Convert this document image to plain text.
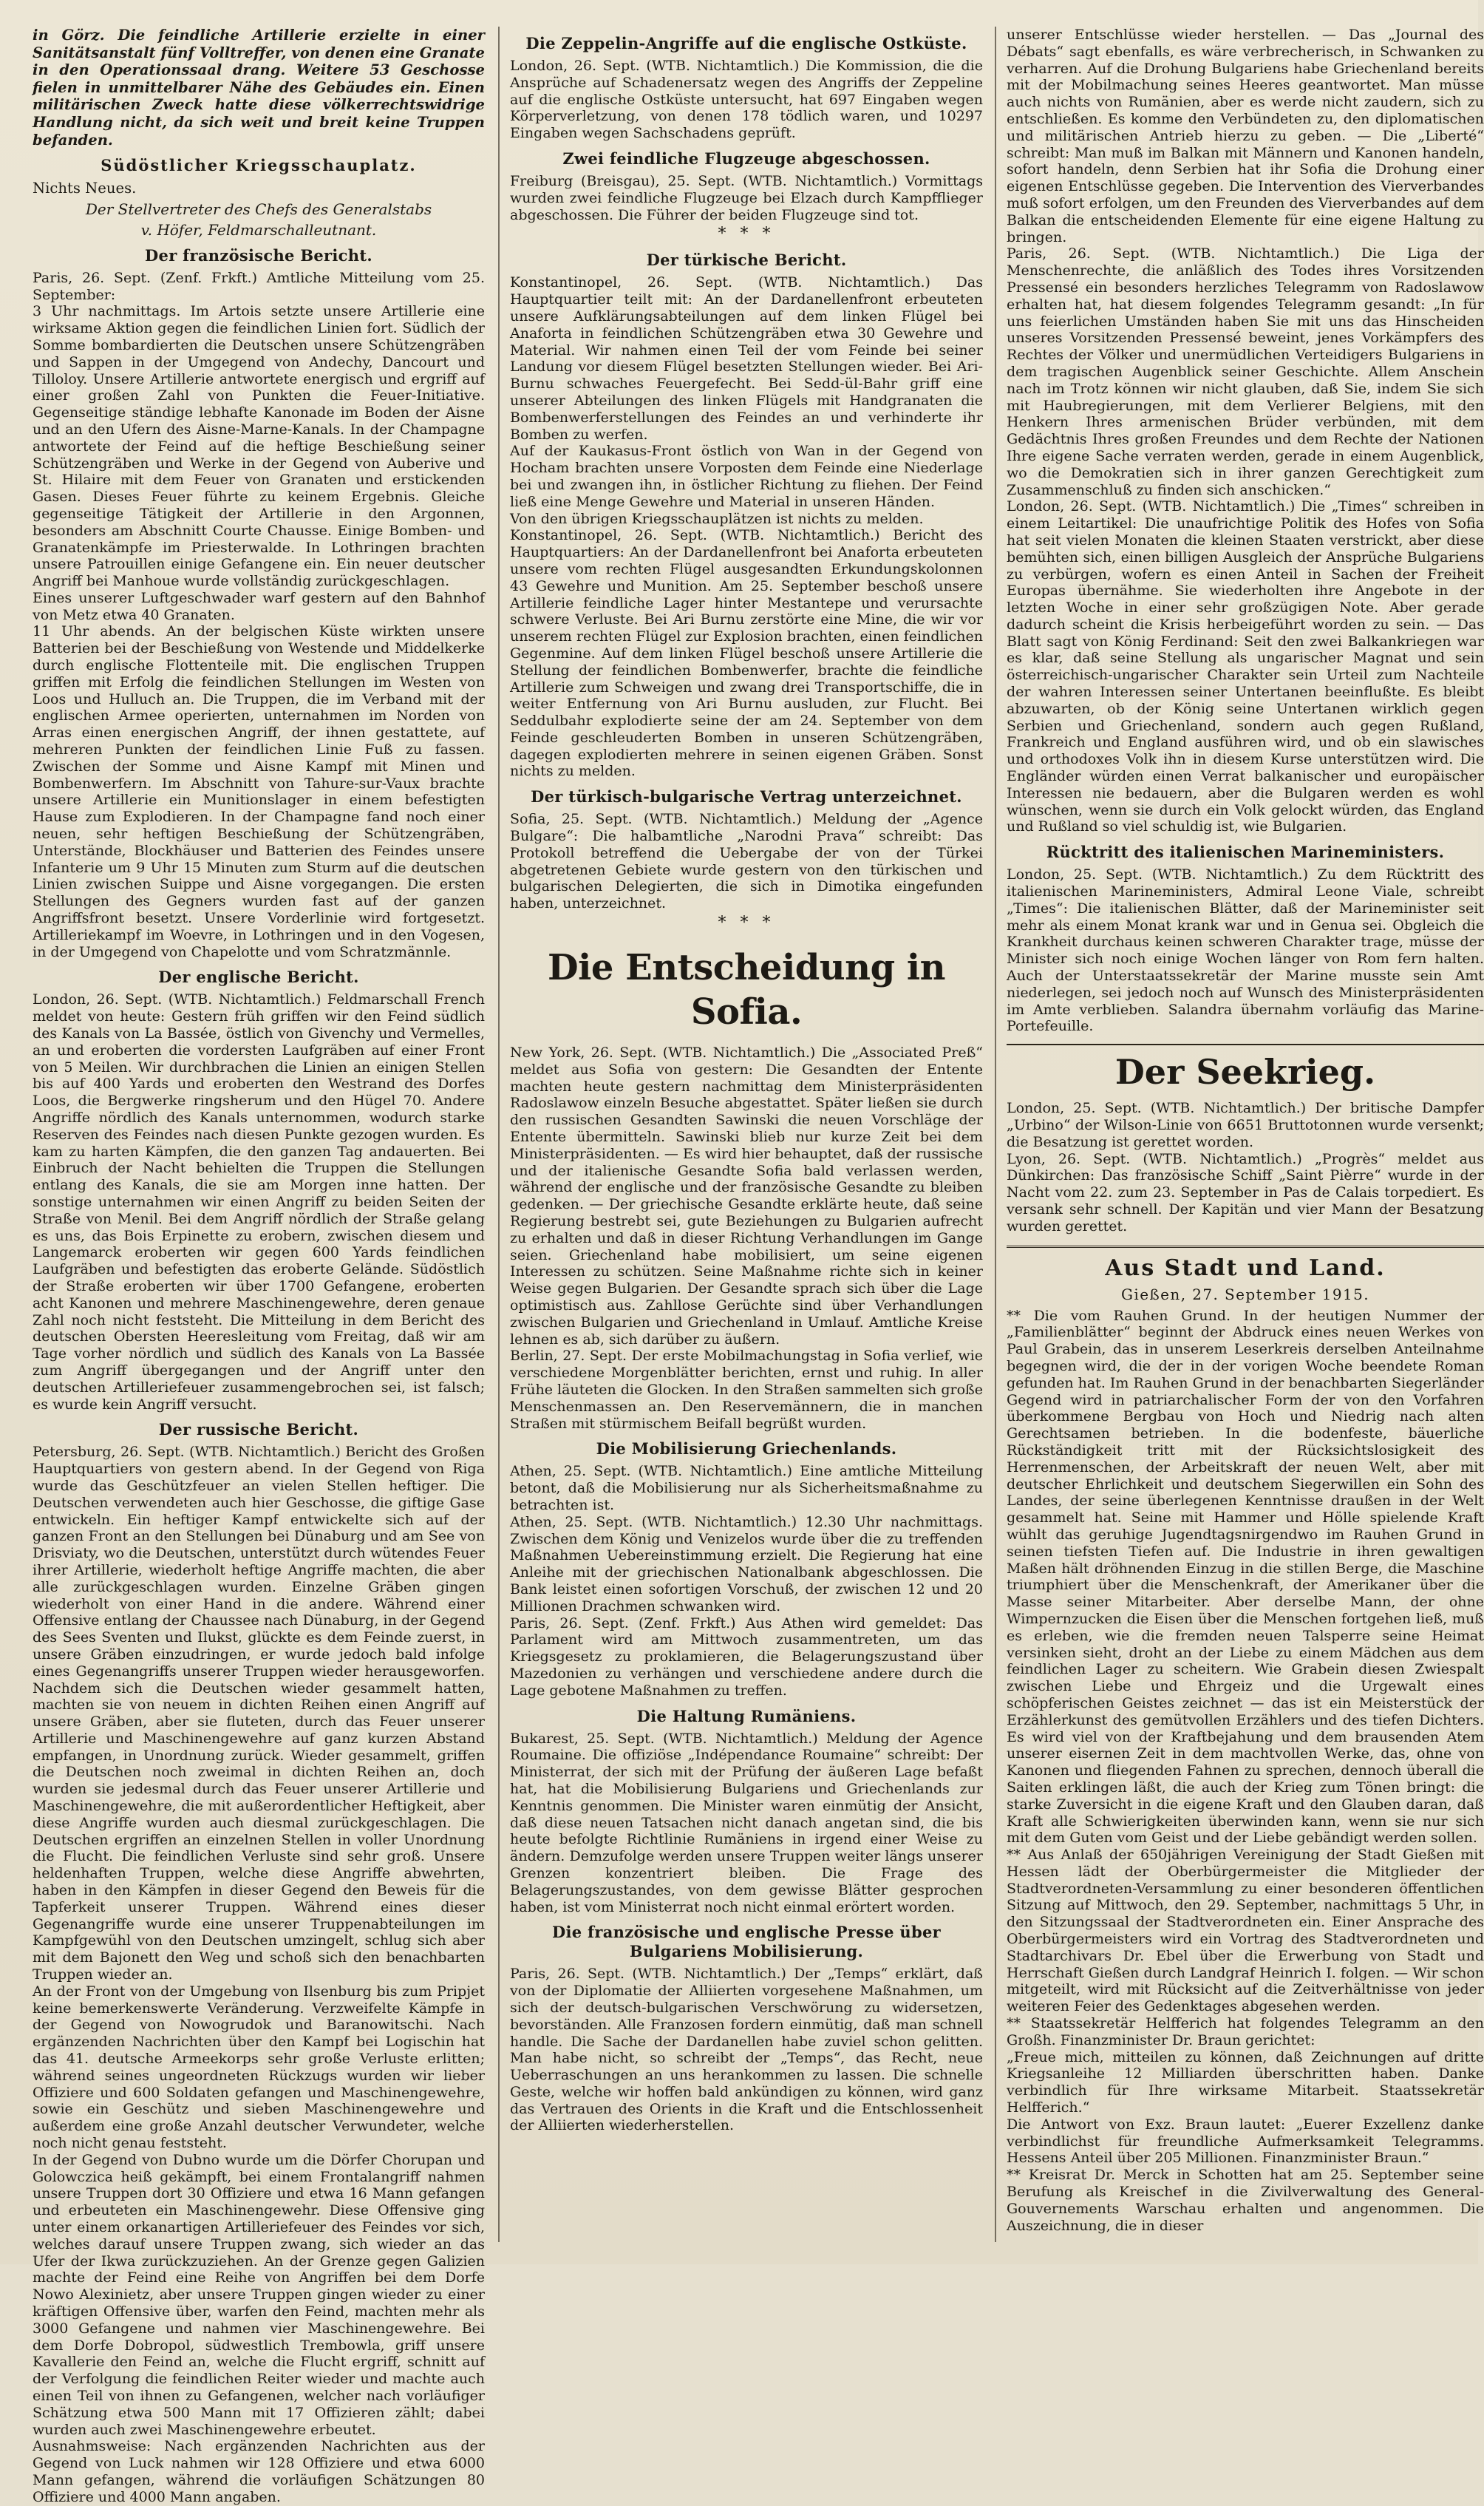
in Görz. Die feindliche Artillerie erzielte in einer Sanitätsanstalt fünf Volltreffer, von denen eine Granate in den Operationssaal drang. Weitere 53 Geschosse fielen in unmittelbarer Nähe des Gebäudes ein. Einen militärischen Zweck hatte diese völkerrechtswidrige Handlung nicht, da sich weit und breit keine Truppen befanden.

Südöstlicher Kriegsschauplatz.

Nichts Neues.

Der Stellvertreter des Chefs des Generalstabs

v. Höfer, Feldmarschalleutnant.

Der französische Bericht.

Paris, 26. Sept. (Zenf. Frkft.) Amtliche Mitteilung vom 25. September:

3 Uhr nachmittags. Im Artois setzte unsere Artillerie eine wirksame Aktion gegen die feindlichen Linien fort. Südlich der Somme bombardierten die Deutschen unsere Schützengräben und Sappen in der Umgegend von Andechy, Dancourt und Tilloloy. Unsere Artillerie antwortete energisch und ergriff auf einer großen Zahl von Punkten die Feuer-Initiative. Gegenseitige ständige lebhafte Kanonade im Boden der Aisne und an den Ufern des Aisne-Marne-Kanals. In der Champagne antwortete der Feind auf die heftige Beschießung seiner Schützengräben und Werke in der Gegend von Auberive und St. Hilaire mit dem Feuer von Granaten und erstickenden Gasen. Dieses Feuer führte zu keinem Ergebnis. Gleiche gegenseitige Tätigkeit der Artillerie in den Argonnen, besonders am Abschnitt Courte Chausse. Einige Bomben- und Granatenkämpfe im Priesterwalde. In Lothringen brachten unsere Patrouillen einige Gefangene ein. Ein neuer deutscher Angriff bei Manhoue wurde vollständig zurückgeschlagen.

Eines unserer Luftgeschwader warf gestern auf den Bahnhof von Metz etwa 40 Granaten.

11 Uhr abends. An der belgischen Küste wirkten unsere Batterien bei der Beschießung von Westende und Middelkerke durch englische Flottenteile mit. Die englischen Truppen griffen mit Erfolg die feindlichen Stellungen im Westen von Loos und Hulluch an. Die Truppen, die im Verband mit der englischen Armee operierten, unternahmen im Norden von Arras einen energischen Angriff, der ihnen gestattete, auf mehreren Punkten der feindlichen Linie Fuß zu fassen. Zwischen der Somme und Aisne Kampf mit Minen und Bombenwerfern. Im Abschnitt von Tahure-sur-Vaux brachte unsere Artillerie ein Munitionslager in einem befestigten Hause zum Explodieren. In der Champagne fand noch einer neuen, sehr heftigen Beschießung der Schützengräben, Unterstände, Blockhäuser und Batterien des Feindes unsere Infanterie um 9 Uhr 15 Minuten zum Sturm auf die deutschen Linien zwischen Suippe und Aisne vorgegangen. Die ersten Stellungen des Gegners wurden fast auf der ganzen Angriffsfront besetzt. Unsere Vorderlinie wird fortgesetzt. Artilleriekampf im Woevre, in Lothringen und in den Vogesen, in der Umgegend von Chapelotte und vom Schratzmännle.

Der englische Bericht.

London, 26. Sept. (WTB. Nichtamtlich.) Feldmarschall French meldet von heute: Gestern früh griffen wir den Feind südlich des Kanals von La Bassée, östlich von Givenchy und Vermelles, an und eroberten die vordersten Laufgräben auf einer Front von 5 Meilen. Wir durchbrachen die Linien an einigen Stellen bis auf 400 Yards und eroberten den Westrand des Dorfes Loos, die Bergwerke ringsherum und den Hügel 70. Andere Angriffe nördlich des Kanals unternommen, wodurch starke Reserven des Feindes nach diesen Punkte gezogen wurden. Es kam zu harten Kämpfen, die den ganzen Tag andauerten. Bei Einbruch der Nacht behielten die Truppen die Stellungen entlang des Kanals, die sie am Morgen inne hatten. Der sonstige unternahmen wir einen Angriff zu beiden Seiten der Straße von Menil. Bei dem Angriff nördlich der Straße gelang es uns, das Bois Erpinette zu erobern, zwischen diesem und Langemarck eroberten wir gegen 600 Yards feindlichen Laufgräben und befestigten das eroberte Gelände. Südöstlich der Straße eroberten wir über 1700 Gefangene, eroberten acht Kanonen und mehrere Maschinengewehre, deren genaue Zahl noch nicht feststeht. Die Mitteilung in dem Bericht des deutschen Obersten Heeresleitung vom Freitag, daß wir am Tage vorher nördlich und südlich des Kanals von La Bassée zum Angriff übergegangen und der Angriff unter den deutschen Artilleriefeuer zusammengebrochen sei, ist falsch; es wurde kein Angriff versucht.

Der russische Bericht.

Petersburg, 26. Sept. (WTB. Nichtamtlich.) Bericht des Großen Hauptquartiers von gestern abend. In der Gegend von Riga wurde das Geschützfeuer an vielen Stellen heftiger. Die Deutschen verwendeten auch hier Geschosse, die giftige Gase entwickeln. Ein heftiger Kampf entwickelte sich auf der ganzen Front an den Stellungen bei Dünaburg und am See von Drisviaty, wo die Deutschen, unterstützt durch wütendes Feuer ihrer Artillerie, wiederholt heftige Angriffe machten, die aber alle zurückgeschlagen wurden. Einzelne Gräben gingen wiederholt von einer Hand in die andere. Während einer Offensive entlang der Chaussee nach Dünaburg, in der Gegend des Sees Sventen und Ilukst, glückte es dem Feinde zuerst, in unsere Gräben einzudringen, er wurde jedoch bald infolge eines Gegenangriffs unserer Truppen wieder herausgeworfen. Nachdem sich die Deutschen wieder gesammelt hatten, machten sie von neuem in dichten Reihen einen Angriff auf unsere Gräben, aber sie fluteten, durch das Feuer unserer Artillerie und Maschinengewehre auf ganz kurzen Abstand empfangen, in Unordnung zurück. Wieder gesammelt, griffen die Deutschen noch zweimal in dichten Reihen an, doch wurden sie jedesmal durch das Feuer unserer Artillerie und Maschinengewehre, die mit außerordentlicher Heftigkeit, aber diese Angriffe wurden auch diesmal zurückgeschlagen. Die Deutschen ergriffen an einzelnen Stellen in voller Unordnung die Flucht. Die feindlichen Verluste sind sehr groß. Unsere heldenhaften Truppen, welche diese Angriffe abwehrten, haben in den Kämpfen in dieser Gegend den Beweis für die Tapferkeit unserer Truppen. Während eines dieser Gegenangriffe wurde eine unserer Truppenabteilungen im Kampfgewühl von den Deutschen umzingelt, schlug sich aber mit dem Bajonett den Weg und schoß sich den benachbarten Truppen wieder an.

An der Front von der Umgebung von Ilsenburg bis zum Pripjet keine bemerkenswerte Veränderung. Verzweifelte Kämpfe in der Gegend von Nowogrudok und Baranowitschi. Nach ergänzenden Nachrichten über den Kampf bei Logischin hat das 41. deutsche Armeekorps sehr große Verluste erlitten; während seines ungeordneten Rückzugs wurden wir lieber Offiziere und 600 Soldaten gefangen und Maschinengewehre, sowie ein Geschütz und sieben Maschinengewehre und außerdem eine große Anzahl deutscher Verwundeter, welche noch nicht genau feststeht.

In der Gegend von Dubno wurde um die Dörfer Chorupan und Golowczica heiß gekämpft, bei einem Frontalangriff nahmen unsere Truppen dort 30 Offiziere und etwa 16 Mann gefangen und erbeuteten ein Maschinengewehr. Diese Offensive ging unter einem orkanartigen Artilleriefeuer des Feindes vor sich, welches darauf unsere Truppen zwang, sich wieder an das Ufer der Ikwa zurückzuziehen. An der Grenze gegen Galizien machte der Feind eine Reihe von Angriffen bei dem Dorfe Nowo Alexinietz, aber unsere Truppen gingen wieder zu einer kräftigen Offensive über, warfen den Feind, machten mehr als 3000 Gefangene und nahmen vier Maschinengewehre. Bei dem Dorfe Dobropol, südwestlich Trembowla, griff unsere Kavallerie den Feind an, welche die Flucht ergriff, schnitt auf der Verfolgung die feindlichen Reiter wieder und machte auch einen Teil von ihnen zu Gefangenen, welcher nach vorläufiger Schätzung etwa 500 Mann mit 17 Offizieren zählt; dabei wurden auch zwei Maschinengewehre erbeutet.

Ausnahmsweise: Nach ergänzenden Nachrichten aus der Gegend von Luck nahmen wir 128 Offiziere und etwa 6000 Mann gefangen, während die vorläufigen Schätzungen 80 Offiziere und 4000 Mann angaben.

Die Zeppelin-Angriffe auf die englische Ostküste.

London, 26. Sept. (WTB. Nichtamtlich.) Die Kommission, die die Ansprüche auf Schadenersatz wegen des Angriffs der Zeppeline auf die englische Ostküste untersucht, hat 697 Eingaben wegen Körperverletzung, von denen 178 tödlich waren, und 10297 Eingaben wegen Sachschadens geprüft.

Zwei feindliche Flugzeuge abgeschossen.

Freiburg (Breisgau), 25. Sept. (WTB. Nichtamtlich.) Vormittags wurden zwei feindliche Flugzeuge bei Elzach durch Kampfflieger abgeschossen. Die Führer der beiden Flugzeuge sind tot.

* * *
Der türkische Bericht.

Konstantinopel, 26. Sept. (WTB. Nichtamtlich.) Das Hauptquartier teilt mit: An der Dardanellenfront erbeuteten unsere Aufklärungsabteilungen auf dem linken Flügel bei Anaforta in feindlichen Schützengräben etwa 30 Gewehre und Material. Wir nahmen einen Teil der vom Feinde bei seiner Landung vor diesem Flügel besetzten Stellungen wieder. Bei Ari-Burnu schwaches Feuergefecht. Bei Sedd-ül-Bahr griff eine unserer Abteilungen des linken Flügels mit Handgranaten die Bombenwerferstellungen des Feindes an und verhinderte ihr Bomben zu werfen.

Auf der Kaukasus-Front östlich von Wan in der Gegend von Hocham brachten unsere Vorposten dem Feinde eine Niederlage bei und zwangen ihn, in östlicher Richtung zu fliehen. Der Feind ließ eine Menge Gewehre und Material in unseren Händen.

Von den übrigen Kriegsschauplätzen ist nichts zu melden.

Konstantinopel, 26. Sept. (WTB. Nichtamtlich.) Bericht des Hauptquartiers: An der Dardanellenfront bei Anaforta erbeuteten unsere vom rechten Flügel ausgesandten Erkundungskolonnen 43 Gewehre und Munition. Am 25. September beschoß unsere Artillerie feindliche Lager hinter Mestantepe und verursachte schwere Verluste. Bei Ari Burnu zerstörte eine Mine, die wir vor unserem rechten Flügel zur Explosion brachten, einen feindlichen Gegenmine. Auf dem linken Flügel beschoß unsere Artillerie die Stellung der feindlichen Bombenwerfer, brachte die feindliche Artillerie zum Schweigen und zwang drei Transportschiffe, die in weiter Entfernung von Ari Burnu ausluden, zur Flucht. Bei Seddulbahr explodierte seine der am 24. September von dem Feinde geschleuderten Bomben in unseren Schützengräben, dagegen explodierten mehrere in seinen eigenen Gräben. Sonst nichts zu melden.

Der türkisch-bulgarische Vertrag unterzeichnet.

Sofia, 25. Sept. (WTB. Nichtamtlich.) Meldung der „Agence Bulgare“: Die halbamtliche „Narodni Prava“ schreibt: Das Protokoll betreffend die Uebergabe der von der Türkei abgetretenen Gebiete wurde gestern von den türkischen und bulgarischen Delegierten, die sich in Dimotika eingefunden haben, unterzeichnet.

* * *
Die Entscheidung in Sofia.

New York, 26. Sept. (WTB. Nichtamtlich.) Die „Associated Preß“ meldet aus Sofia von gestern: Die Gesandten der Entente machten heute gestern nachmittag dem Ministerpräsidenten Radoslawow einzeln Besuche abgestattet. Später ließen sie durch den russischen Gesandten Sawinski die neuen Vorschläge der Entente übermitteln. Sawinski blieb nur kurze Zeit bei dem Ministerpräsidenten. — Es wird hier behauptet, daß der russische und der italienische Gesandte Sofia bald verlassen werden, während der englische und der französische Gesandte zu bleiben gedenken. — Der griechische Gesandte erklärte heute, daß seine Regierung bestrebt sei, gute Beziehungen zu Bulgarien aufrecht zu erhalten und daß in dieser Richtung Verhandlungen im Gange seien. Griechenland habe mobilisiert, um seine eigenen Interessen zu schützen. Seine Maßnahme richte sich in keiner Weise gegen Bulgarien. Der Gesandte sprach sich über die Lage optimistisch aus. Zahllose Gerüchte sind über Verhandlungen zwischen Bulgarien und Griechenland in Umlauf. Amtliche Kreise lehnen es ab, sich darüber zu äußern.

Berlin, 27. Sept. Der erste Mobilmachungstag in Sofia verlief, wie verschiedene Morgenblätter berichten, ernst und ruhig. In aller Frühe läuteten die Glocken. In den Straßen sammelten sich große Menschenmassen an. Den Reservemännern, die in manchen Straßen mit stürmischem Beifall begrüßt wurden.

Die Mobilisierung Griechenlands.

Athen, 25. Sept. (WTB. Nichtamtlich.) Eine amtliche Mitteilung betont, daß die Mobilisierung nur als Sicherheitsmaßnahme zu betrachten ist.

Athen, 25. Sept. (WTB. Nichtamtlich.) 12.30 Uhr nachmittags. Zwischen dem König und Venizelos wurde über die zu treffenden Maßnahmen Uebereinstimmung erzielt. Die Regierung hat eine Anleihe mit der griechischen Nationalbank abgeschlossen. Die Bank leistet einen sofortigen Vorschuß, der zwischen 12 und 20 Millionen Drachmen schwanken wird.

Paris, 26. Sept. (Zenf. Frkft.) Aus Athen wird gemeldet: Das Parlament wird am Mittwoch zusammentreten, um das Kriegsgesetz zu proklamieren, die Belagerungszustand über Mazedonien zu verhängen und verschiedene andere durch die Lage gebotene Maßnahmen zu treffen.

Die Haltung Rumäniens.

Bukarest, 25. Sept. (WTB. Nichtamtlich.) Meldung der Agence Roumaine. Die offiziöse „Indépendance Roumaine“ schreibt: Der Ministerrat, der sich mit der Prüfung der äußeren Lage befaßt hat, hat die Mobilisierung Bulgariens und Griechenlands zur Kenntnis genommen. Die Minister waren einmütig der Ansicht, daß diese neuen Tatsachen nicht danach angetan sind, die bis heute befolgte Richtlinie Rumäniens in irgend einer Weise zu ändern. Demzufolge werden unsere Truppen weiter längs unserer Grenzen konzentriert bleiben. Die Frage des Belagerungszustandes, von dem gewisse Blätter gesprochen haben, ist vom Ministerrat noch nicht einmal erörtert worden.

Die französische und englische Presse über Bulgariens Mobilisierung.

Paris, 26. Sept. (WTB. Nichtamtlich.) Der „Temps“ erklärt, daß von der Diplomatie der Alliierten vorgesehene Maßnahmen, um sich der deutsch-bulgarischen Verschwörung zu widersetzen, bevorständen. Alle Franzosen fordern einmütig, daß man schnell handle. Die Sache der Dardanellen habe zuviel schon gelitten. Man habe nicht, so schreibt der „Temps“, das Recht, neue Ueberraschungen an uns herankommen zu lassen. Die schnelle Geste, welche wir hoffen bald ankündigen zu können, wird ganz das Vertrauen des Orients in die Kraft und die Entschlossenheit der Alliierten wiederherstellen.

unserer Entschlüsse wieder herstellen. — Das „Journal des Débats“ sagt ebenfalls, es wäre verbrecherisch, in Schwanken zu verharren. Auf die Drohung Bulgariens habe Griechenland bereits mit der Mobilmachung seines Heeres geantwortet. Man müsse auch nichts von Rumänien, aber es werde nicht zaudern, sich zu entschließen. Es komme den Verbündeten zu, den diplomatischen und militärischen Antrieb hierzu zu geben. — Die „Liberté“ schreibt: Man muß im Balkan mit Männern und Kanonen handeln, sofort handeln, denn Serbien hat ihr Sofia die Drohung einer eigenen Entschlüsse gegeben. Die Intervention des Vierverbandes muß sofort erfolgen, um den Freunden des Vierverbandes auf dem Balkan die entscheidenden Elemente für eine eigene Haltung zu bringen.

Paris, 26. Sept. (WTB. Nichtamtlich.) Die Liga der Menschenrechte, die anläßlich des Todes ihres Vorsitzenden Pressensé ein besonders herzliches Telegramm von Radoslawow erhalten hat, hat diesem folgendes Telegramm gesandt: „In für uns feierlichen Umständen haben Sie mit uns das Hinscheiden unseres Vorsitzenden Pressensé beweint, jenes Vorkämpfers des Rechtes der Völker und unermüdlichen Verteidigers Bulgariens in dem tragischen Augenblick seiner Geschichte. Allem Anschein nach im Trotz können wir nicht glauben, daß Sie, indem Sie sich mit Haubregierungen, mit dem Verlierer Belgiens, mit den Henkern Ihres armenischen Brüder verbünden, mit dem Gedächtnis Ihres großen Freundes und dem Rechte der Nationen Ihre eigene Sache verraten werden, gerade in einem Augenblick, wo die Demokratien sich in ihrer ganzen Gerechtigkeit zum Zusammenschluß zu finden sich anschicken.“

London, 26. Sept. (WTB. Nichtamtlich.) Die „Times“ schreiben in einem Leitartikel: Die unaufrichtige Politik des Hofes von Sofia hat seit vielen Monaten die kleinen Staaten verstrickt, aber diese bemühten sich, einen billigen Ausgleich der Ansprüche Bulgariens zu verbürgen, wofern es einen Anteil in Sachen der Freiheit Europas übernähme. Sie wiederholten ihre Angebote in der letzten Woche in einer sehr großzügigen Note. Aber gerade dadurch scheint die Krisis herbeigeführt worden zu sein. — Das Blatt sagt von König Ferdinand: Seit den zwei Balkankriegen war es klar, daß seine Stellung als ungarischer Magnat und sein österreichisch-ungarischer Charakter sein Urteil zum Nachteile der wahren Interessen seiner Untertanen beeinflußte. Es bleibt abzuwarten, ob der König seine Untertanen wirklich gegen Serbien und Griechenland, sondern auch gegen Rußland, Frankreich und England ausführen wird, und ob ein slawisches und orthodoxes Volk ihn in diesem Kurse unterstützen wird. Die Engländer würden einen Verrat balkanischer und europäischer Interessen nie bedauern, aber die Bulgaren werden es wohl wünschen, wenn sie durch ein Volk gelockt würden, das England und Rußland so viel schuldig ist, wie Bulgarien.

Rücktritt des italienischen Marineministers.

London, 25. Sept. (WTB. Nichtamtlich.) Zu dem Rücktritt des italienischen Marineministers, Admiral Leone Viale, schreibt „Times“: Die italienischen Blätter, daß der Marineminister seit mehr als einem Monat krank war und in Genua sei. Obgleich die Krankheit durchaus keinen schweren Charakter trage, müsse der Minister sich noch einige Wochen länger von Rom fern halten. Auch der Unterstaatssekretär der Marine musste sein Amt niederlegen, sei jedoch noch auf Wunsch des Ministerpräsidenten im Amte verblieben. Salandra übernahm vorläufig das Marine-Portefeuille.

Der Seekrieg.

London, 25. Sept. (WTB. Nichtamtlich.) Der britische Dampfer „Urbino“ der Wilson-Linie von 6651 Bruttotonnen wurde versenkt; die Besatzung ist gerettet worden.

Lyon, 26. Sept. (WTB. Nichtamtlich.) „Progrès“ meldet aus Dünkirchen: Das französische Schiff „Saint Pièrre“ wurde in der Nacht vom 22. zum 23. September in Pas de Calais torpediert. Es versank sehr schnell. Der Kapitän und vier Mann der Besatzung wurden gerettet.

Aus Stadt und Land.
Gießen, 27. September 1915.

** Die vom Rauhen Grund. In der heutigen Nummer der „Familienblätter“ beginnt der Abdruck eines neuen Werkes von Paul Grabein, das in unserem Leserkreis derselben Anteilnahme begegnen wird, die der in der vorigen Woche beendete Roman gefunden hat. Im Rauhen Grund in der benachbarten Siegerländer Gegend wird in patriarchalischer Form der von den Vorfahren überkommene Bergbau von Hoch und Niedrig nach alten Gerechtsamen betrieben. In die bodenfeste, bäuerliche Rückständigkeit tritt mit der Rücksichtslosigkeit des Herrenmenschen, der Arbeitskraft der neuen Welt, aber mit deutscher Ehrlichkeit und deutschem Siegerwillen ein Sohn des Landes, der seine überlegenen Kenntnisse draußen in der Welt gesammelt hat. Seine mit Hammer und Hölle spielende Kraft wühlt das geruhige Jugendtagsnirgendwo im Rauhen Grund in seinen tiefsten Tiefen auf. Die Industrie in ihren gewaltigen Maßen hält dröhnenden Einzug in die stillen Berge, die Maschine triumphiert über die Menschenkraft, der Amerikaner über die Masse seiner Mitarbeiter. Aber derselbe Mann, der ohne Wimpernzucken die Eisen über die Menschen fortgehen ließ, muß es erleben, wie die fremden neuen Talsperre seine Heimat versinken sieht, droht an der Liebe zu einem Mädchen aus dem feindlichen Lager zu scheitern. Wie Grabein diesen Zwiespalt zwischen Liebe und Ehrgeiz und die Urgewalt eines schöpferischen Geistes zeichnet — das ist ein Meisterstück der Erzählerkunst des gemütvollen Erzählers und des tiefen Dichters. Es wird viel von der Kraftbejahung und dem brausenden Atem unserer eisernen Zeit in dem machtvollen Werke, das, ohne von Kanonen und fliegenden Fahnen zu sprechen, dennoch überall die Saiten erklingen läßt, die auch der Krieg zum Tönen bringt: die starke Zuversicht in die eigene Kraft und den Glauben daran, daß Kraft alle Schwierigkeiten überwinden kann, wenn sie nur sich mit dem Guten vom Geist und der Liebe gebändigt werden sollen.

** Aus Anlaß der 650jährigen Vereinigung der Stadt Gießen mit Hessen lädt der Oberbürgermeister die Mitglieder der Stadtverordneten-Versammlung zu einer besonderen öffentlichen Sitzung auf Mittwoch, den 29. September, nachmittags 5 Uhr, in den Sitzungssaal der Stadtverordneten ein. Einer Ansprache des Oberbürgermeisters wird ein Vortrag des Stadtverordneten und Stadtarchivars Dr. Ebel über die Erwerbung von Stadt und Herrschaft Gießen durch Landgraf Heinrich I. folgen. — Wir schon mitgeteilt, wird mit Rücksicht auf die Zeitverhältnisse von jeder weiteren Feier des Gedenktages abgesehen werden.

** Staatssekretär Helfferich hat folgendes Telegramm an den Großh. Finanzminister Dr. Braun gerichtet:

„Freue mich, mitteilen zu können, daß Zeichnungen auf dritte Kriegsanleihe 12 Milliarden überschritten haben. Danke verbindlich für Ihre wirksame Mitarbeit. Staatssekretär Helfferich.“

Die Antwort von Exz. Braun lautet: „Euerer Exzellenz danke verbindlichst für freundliche Aufmerksamkeit Telegramms. Hessens Anteil über 205 Millionen. Finanzminister Braun.“

** Kreisrat Dr. Merck in Schotten hat am 25. September seine Berufung als Kreischef in die Zivilverwaltung des General-Gouvernements Warschau erhalten und angenommen. Die Auszeichnung, die in dieser
